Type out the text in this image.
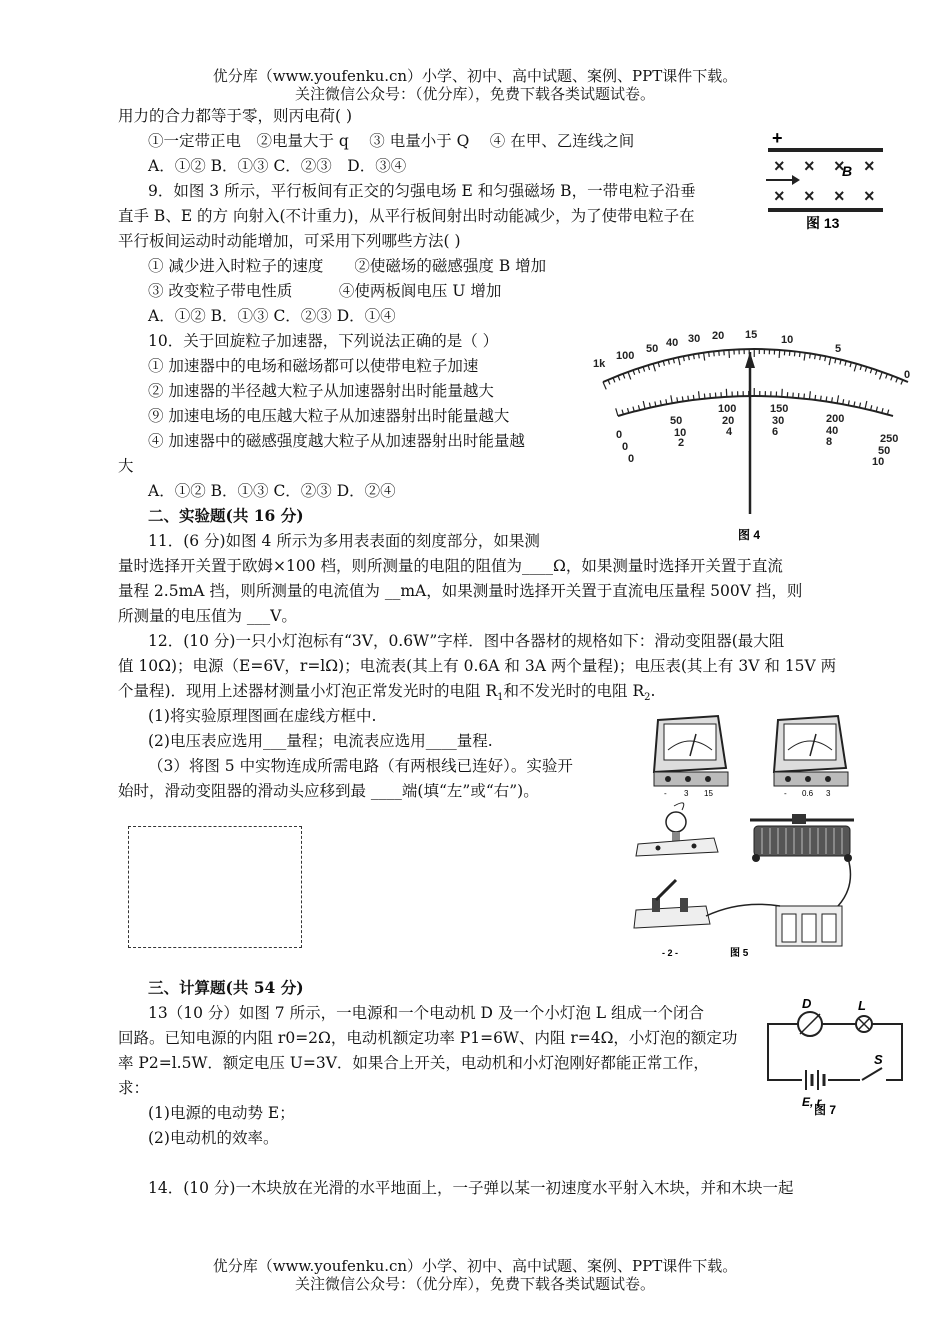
优分库（www.youfenku.cn）小学、初中、高中试题、案例、PPT课件下载。
关注微信公众号：（优分库），免费下载各类试题试卷。
用力的合力都等于零，则丙电荷( )
①一定带正电　②电量大于 q　 ③ 电量小于 Q　 ④ 在甲、乙连线之间
A．①② B．①③ C．②③　D．③④
9．如图 3 所示，平行板间有正交的匀强电场 E 和匀强磁场 B，一带电粒子沿垂
直手 B、E 的方 向射入(不计重力)，从平行板间射出时动能减少，为了使带电粒子在
平行板间运动时动能增加，可采用下列哪些方法( )
① 减少进入时粒子的速度　　②使磁场的磁感强度 B 增加
③ 改变粒子带电性质　　　④使两板阆电压 U 增加
A．①② B．①③ C．②③ D．①④
10．关于回旋粒子加速器，下列说法正确的是（ ）
① 加速器中的电场和磁场都可以使带电粒子加速
② 加速器的半径越大粒子从加速器射出时能量越大
⑨ 加速电场的电压越大粒子从加速器射出时能量越大
④ 加速器中的磁感强度越大粒子从加速器射出时能量越
大
A．①② B．①③ C．②③ D．②④
二、实验题(共 16 分)
11．(6 分)如图 4 所示为多用表表面的刻度部分，如果测
量时选择开关置于欧姆×100 档，则所测量的电阻的阻值为____Ω，如果测量时选择开关置于直流
量程 2.5mA 挡，则所测量的电流值为 __mA，如果测量时选择开关置于直流电压量程 500V 挡，则
所测量的电压值为 ___V。
12．(10 分)一只小灯泡标有“3V，0.6W”字样．图中各器材的规格如下：滑动变阻器(最大阻
值 10Ω)；电源（E=6V，r=lΩ)；电流表(其上有 0.6A 和 3A 两个量程)；电压表(其上有 3V 和 15V 两
个量程)．现用上述器材测量小灯泡正常发光时的电阻 $R_1$和不发光时的电阻 $R_2$.
(1)将实验原理图画在虚线方框中.
(2)电压表应选用___量程；电流表应选用____量程.
（3）将图 5 中实物连成所需电路（有两根线已连好）。实验开
始时，滑动变阻器的滑动头应移到最 ____端(填“左”或“右”)。
三、计算题(共 54 分)
13（10 分）如图 7 所示，一电源和一个电动机 D 及一个小灯泡 L 组成一个闭合
回路。已知电源的内阻 r0=2Ω，电动机额定功率 P1=6W、内阻 r=4Ω，小灯泡的额定功
率 P2=l.5W．额定电压 U=3V．如果合上开关，电动机和小灯泡刚好都能正常工作，
求：
(1)电源的电动势 E；
(2)电动机的效率。
14．(10 分)一木块放在光滑的水平地面上，一子弹以某一初速度水平射入木块，并和木块一起
优分库（www.youfenku.cn）小学、初中、高中试题、案例、PPT课件下载。
关注微信公众号：（优分库），免费下载各类试题试卷。
+
× × × ×
× × × ×
B
图 13
1k
100
50 40 30 20 15 10
5
0
0
50
100	150
200
250
0
10
20	30
40
50
0
2
4	6
8
10
图 4
- 3 15	- 0.6 3
- 2 -	图 5
D	L
E, r
S
图 7
